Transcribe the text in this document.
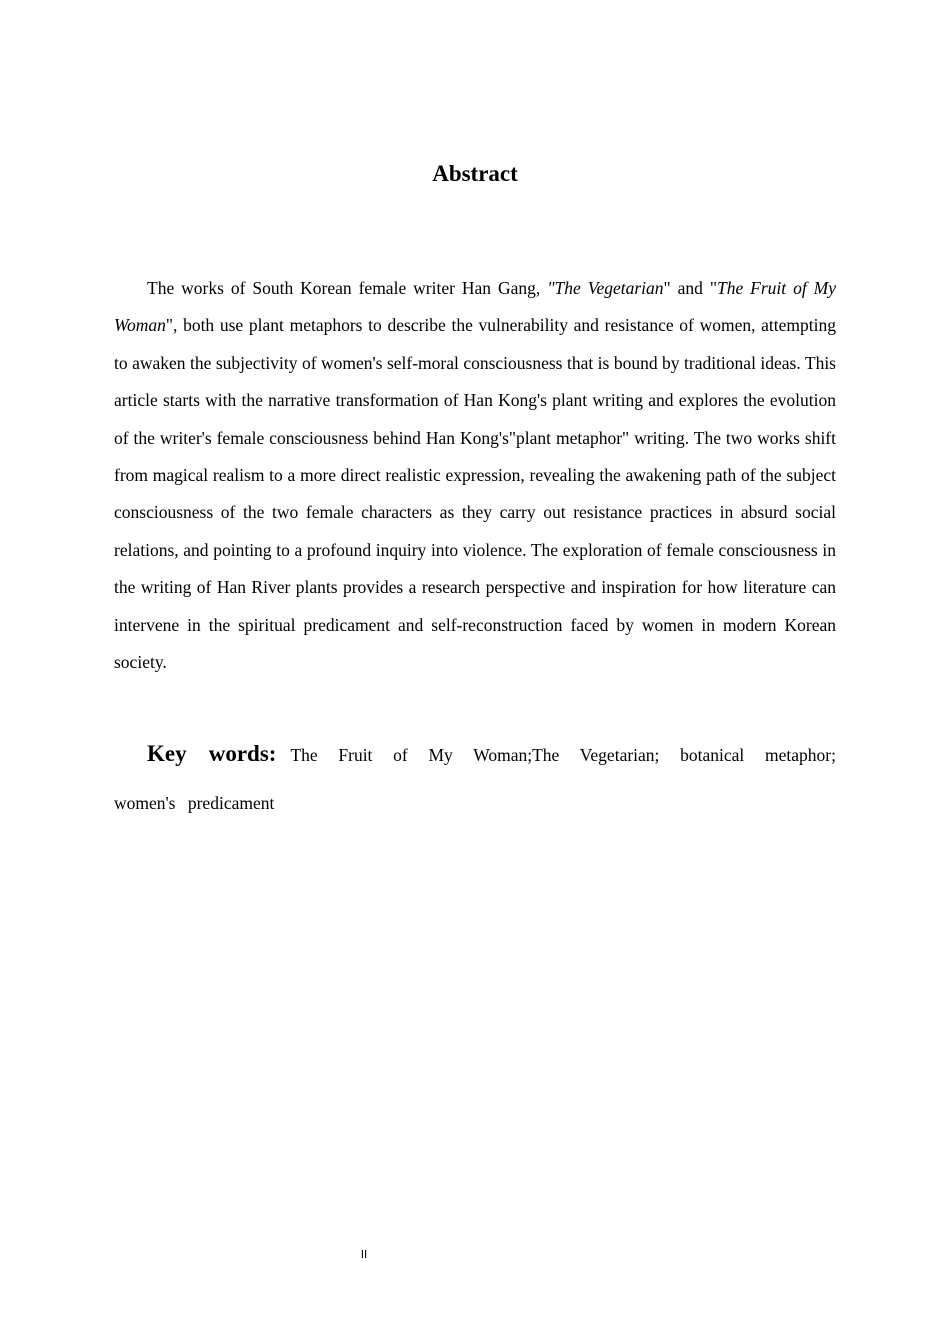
Abstract

The works of South Korean female writer Han Gang, "The Vegetarian" and "The Fruit of My Woman", both use plant metaphors to describe the vulnerability and resistance of women, attempting to awaken the subjectivity of women's self-moral consciousness that is bound by traditional ideas. This article starts with the narrative transformation of Han Kong's plant writing and explores the evolution of the writer's female consciousness behind Han Kong's"plant metaphor" writing. The two works shift from magical realism to a more direct realistic expression, revealing the awakening path of the subject consciousness of the two female characters as they carry out resistance practices in absurd social relations, and pointing to a profound inquiry into violence. The exploration of female consciousness in the writing of Han River plants provides a research perspective and inspiration for how literature can intervene in the spiritual predicament and self-reconstruction faced by women in modern Korean society.

Key words: The Fruit of My Woman;The Vegetarian; botanical metaphor; women's predicament

II
